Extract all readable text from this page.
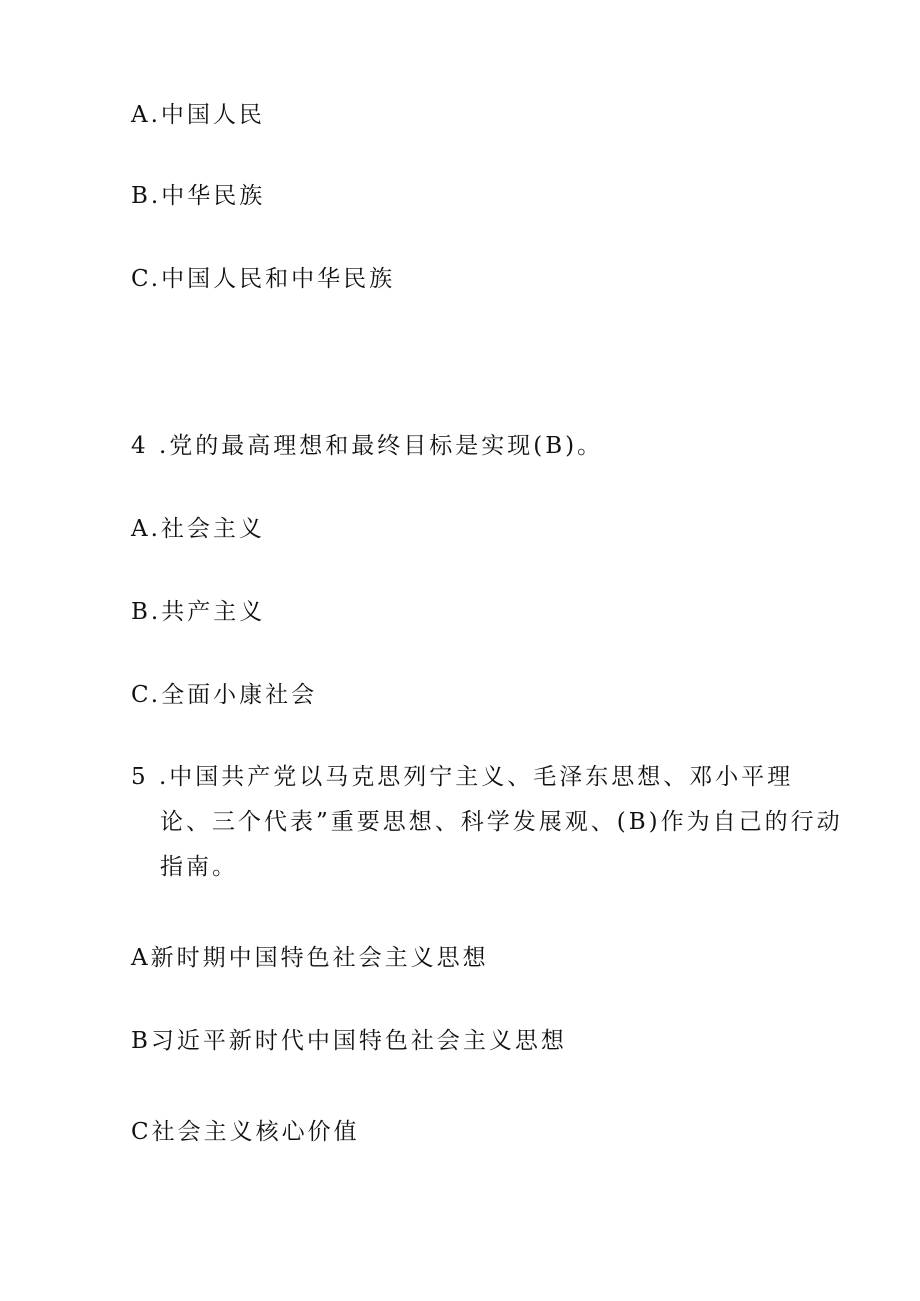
A.中国人民
B.中华民族
C.中国人民和中华民族
4 .党的最高理想和最终目标是实现(B)。
A.社会主义
B.共产主义
C.全面小康社会
5 .中国共产党以马克思列宁主义、毛泽东思想、邓小平理
论、三个代表”重要思想、科学发展观、(B)作为自己的行动
指南。
A新时期中国特色社会主义思想
B习近平新时代中国特色社会主义思想
C社会主义核心价值
